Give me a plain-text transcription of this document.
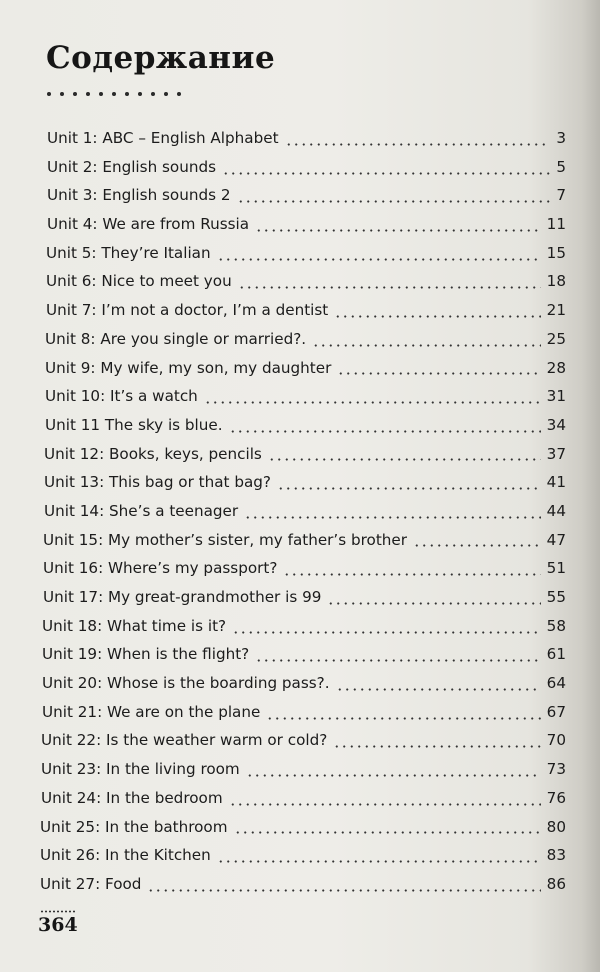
Содержание
Unit 1: ABC – English Alphabet	3
Unit 2: English sounds	5
Unit 3: English sounds 2	7
Unit 4: We are from Russia	11
Unit 5: They’re Italian	15
Unit 6: Nice to meet you	18
Unit 7: I’m not a doctor, I’m a dentist	21
Unit 8: Are you single or married?.	25
Unit 9: My wife, my son, my daughter	28
Unit 10: It’s a watch	31
Unit 11 The sky is blue.	34
Unit 12: Books, keys, pencils	37
Unit 13: This bag or that bag?	41
Unit 14: She’s a teenager	44
Unit 15: My mother’s sister, my father’s brother	47
Unit 16: Where’s my passport?	51
Unit 17: My great-grandmother is 99	55
Unit 18: What time is it?	58
Unit 19: When is the flight?	61
Unit 20: Whose is the boarding pass?.	64
Unit 21: We are on the plane	67
Unit 22: Is the weather warm or cold?	70
Unit 23: In the living room	73
Unit 24: In the bedroom	76
Unit 25: In the bathroom	80
Unit 26: In the Kitchen	83
Unit 27: Food	86

364
